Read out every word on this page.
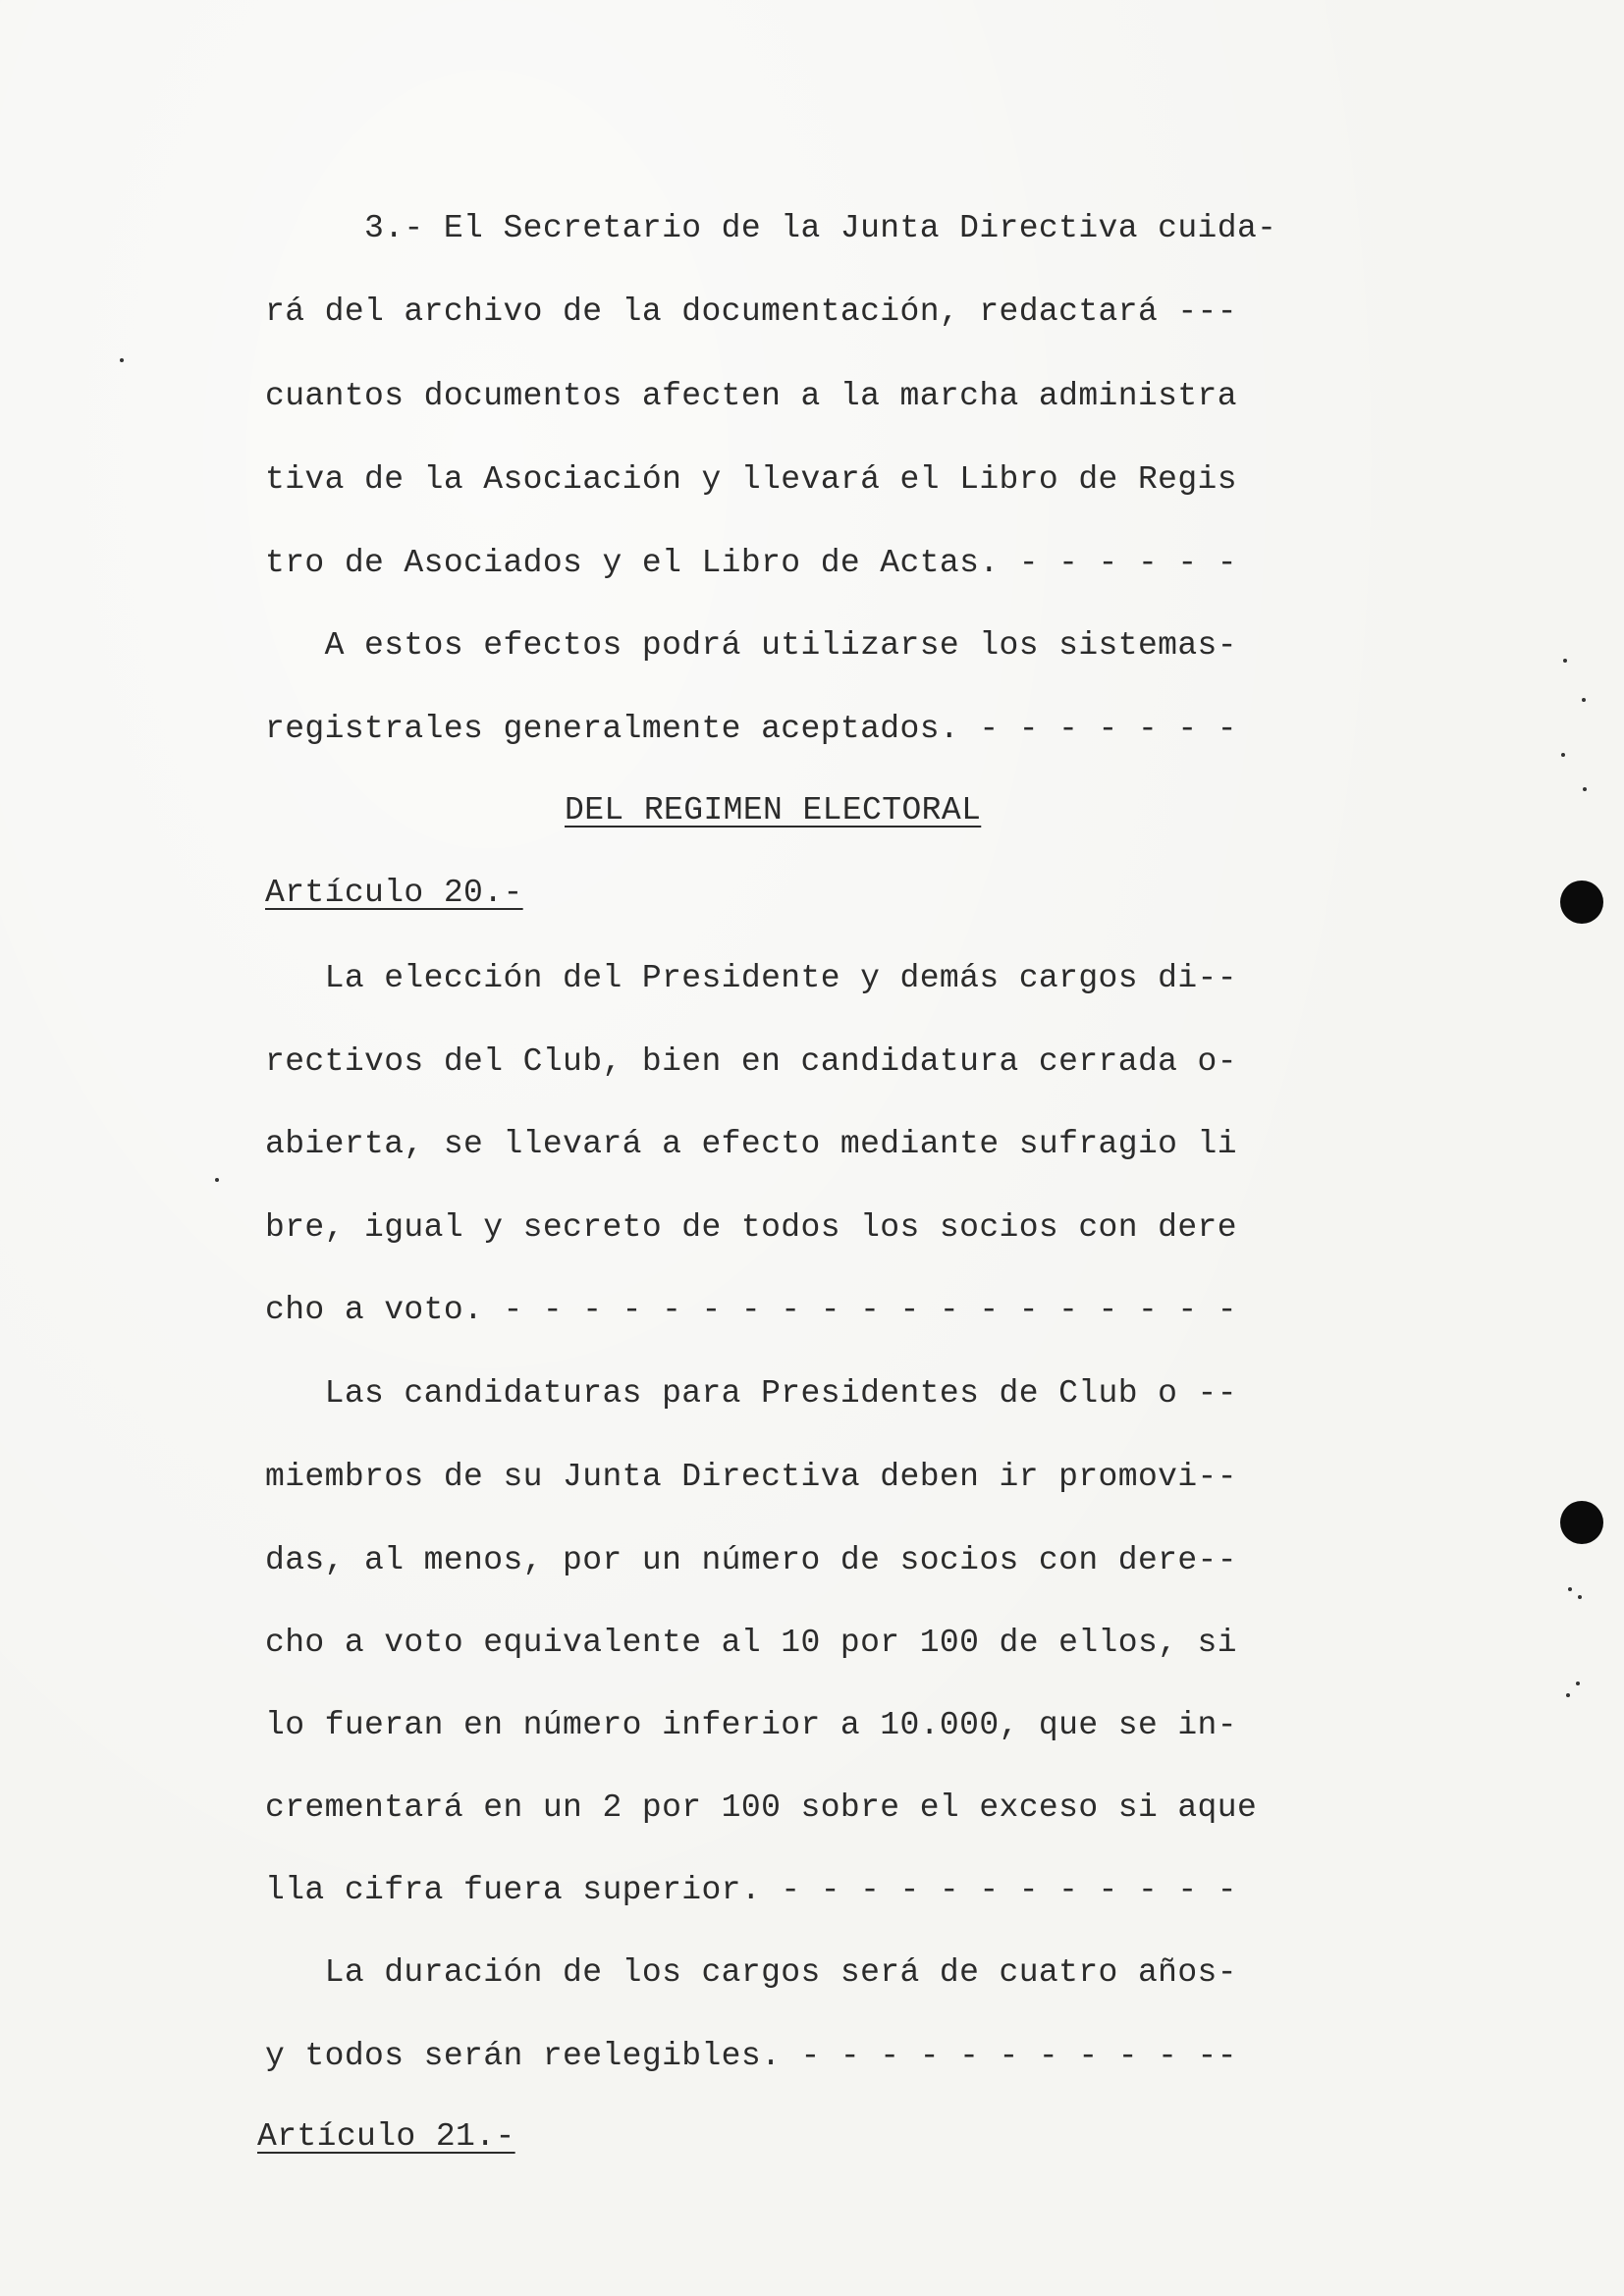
3.- El Secretario de la Junta Directiva cuida-
rá del archivo de la documentación, redactará ---
cuantos documentos afecten a la marcha administra
tiva de la Asociación y llevará el Libro de Regis
tro de Asociados y el Libro de Actas. - - - - - -
A estos efectos podrá utilizarse los sistemas-
registrales generalmente aceptados. - - - - - - -
DEL REGIMEN ELECTORAL
Artículo 20.-
La elección del Presidente y demás cargos di--
rectivos del Club, bien en candidatura cerrada o-
abierta, se llevará a efecto mediante sufragio li
bre, igual y secreto de todos los socios con dere
cho a voto. - - - - - - - - - - - - - - - - - - -
Las candidaturas para Presidentes de Club o --
miembros de su Junta Directiva deben ir promovi--
das, al menos, por un número de socios con dere--
cho a voto equivalente al 10 por 100 de ellos, si
lo fueran en número inferior a 10.000, que se in-
crementará en un 2 por 100 sobre el exceso si aque
lla cifra fuera superior. - - - - - - - - - - - -
La duración de los cargos será de cuatro años-
y todos serán reelegibles. - - - - - - - - - - --
Artículo 21.-
